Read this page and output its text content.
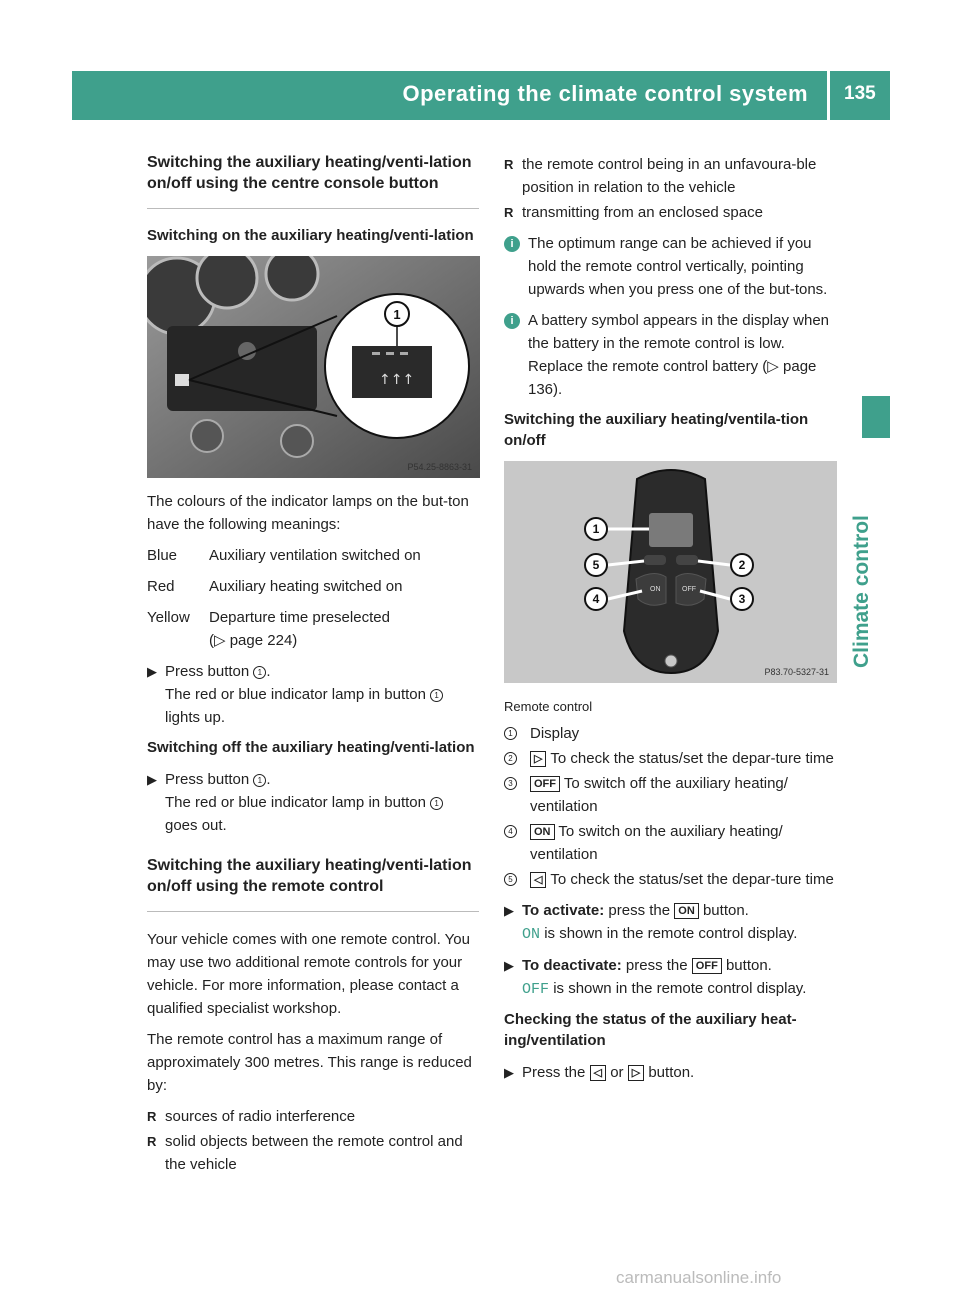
Operating the climate control system 135
Climate control
Switching the auxiliary heating/venti-lation on/off using the centre console button
Switching on the auxiliary heating/venti-lation
↑↑↑
1
P54.25-8863-31

The colours of the indicator lamps on the but-ton have the following meanings:

Blue	Auxiliary ventilation switched on
Red	Auxiliary heating switched on
Yellow	Departure time preselected
(▷ page 224)
▶ Press button 1 .
The red or blue indicator lamp in button 1
lights up.
Switching off the auxiliary heating/venti-lation
▶ Press button 1 .
The red or blue indicator lamp in button 1
goes out.
Switching the auxiliary heating/venti-lation on/off using the remote control

Your vehicle comes with one remote control. You may use two additional remote controls for your vehicle. For more information, please contact a qualified specialist workshop.

The remote control has a maximum range of approximately 300 metres. This range is reduced by:

R sources of radio interference
R solid objects between the remote control and the vehicle
R the remote control being in an unfavoura-ble position in relation to the vehicle
R transmitting from an enclosed space
i The optimum range can be achieved if you hold the remote control vertically, pointing upwards when you press one of the but-tons.
i A battery symbol appears in the display when the battery in the remote control is low. Replace the remote control battery (▷ page 136).
Switching the auxiliary heating/ventila-tion on/off
ON	OFF
1
2
3
4
5
P83.70-5327-31
Remote control
1 Display
2	▷ To check the status/set the depar-ture time
3	OFF To switch off the auxiliary heating/ ventilation
4	ON To switch on the auxiliary heating/ ventilation
5	◁ To check the status/set the depar-ture time
▶ To activate: press the ON button.
ON is shown in the remote control display.
▶ To deactivate: press the OFF button.
OFF is shown in the remote control display.
Checking the status of the auxiliary heat-ing/ventilation
▶ Press the ◁ or ▷ button.
carmanualsonline.info
